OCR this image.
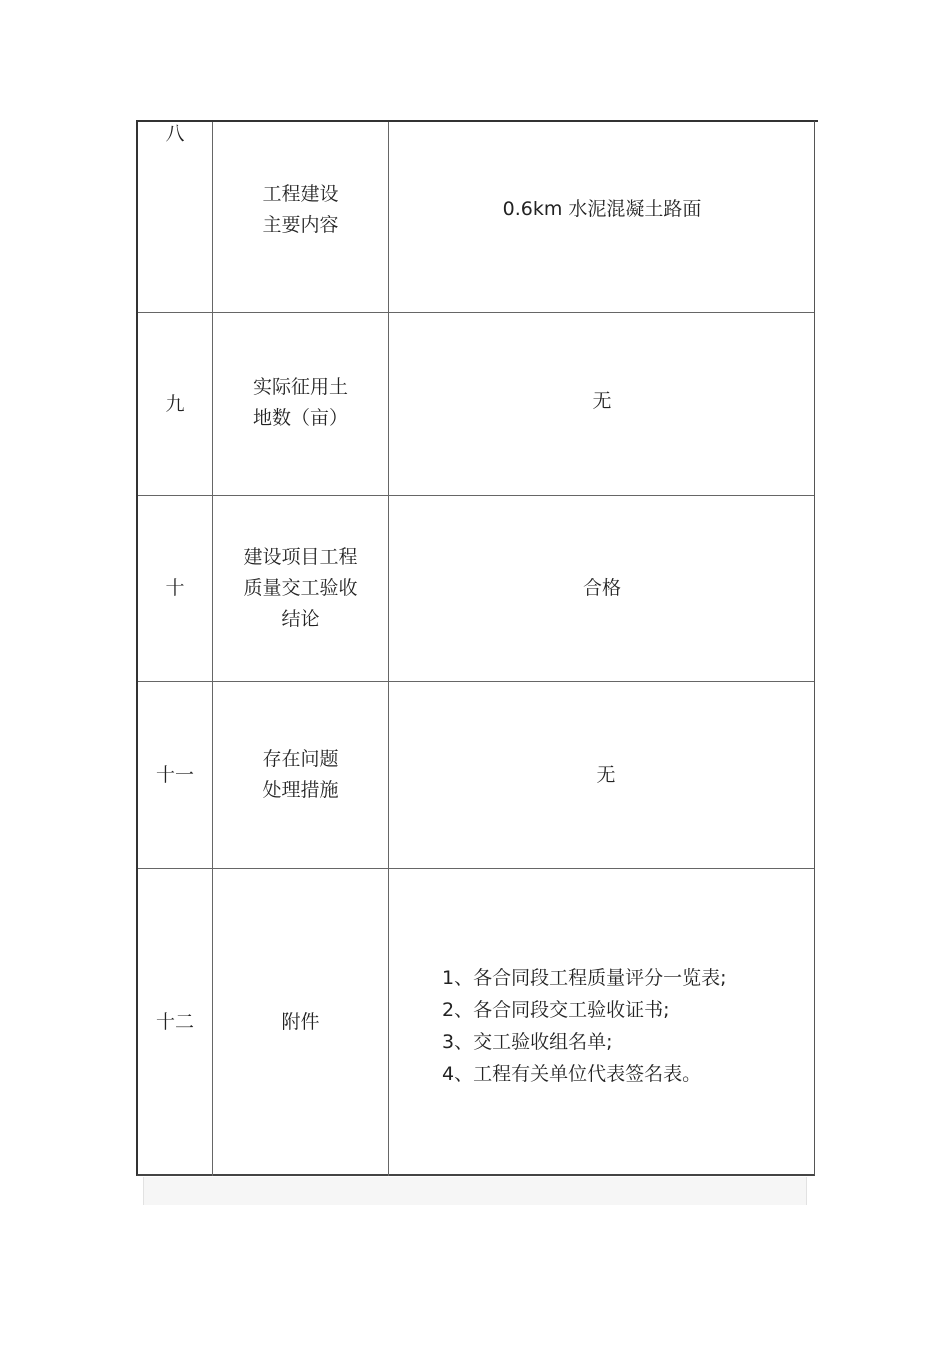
八
工程建设
主要内容
0.6km 水泥混凝土路面
九
实际征用土
地数（亩）
无
十
建设项目工程
质量交工验收
结论
合格
十一
存在问题
处理措施
无
十二	附件
1、各合同段工程质量评分一览表;
2、各合同段交工验收证书;
3、交工验收组名单;
4、工程有关单位代表签名表。
